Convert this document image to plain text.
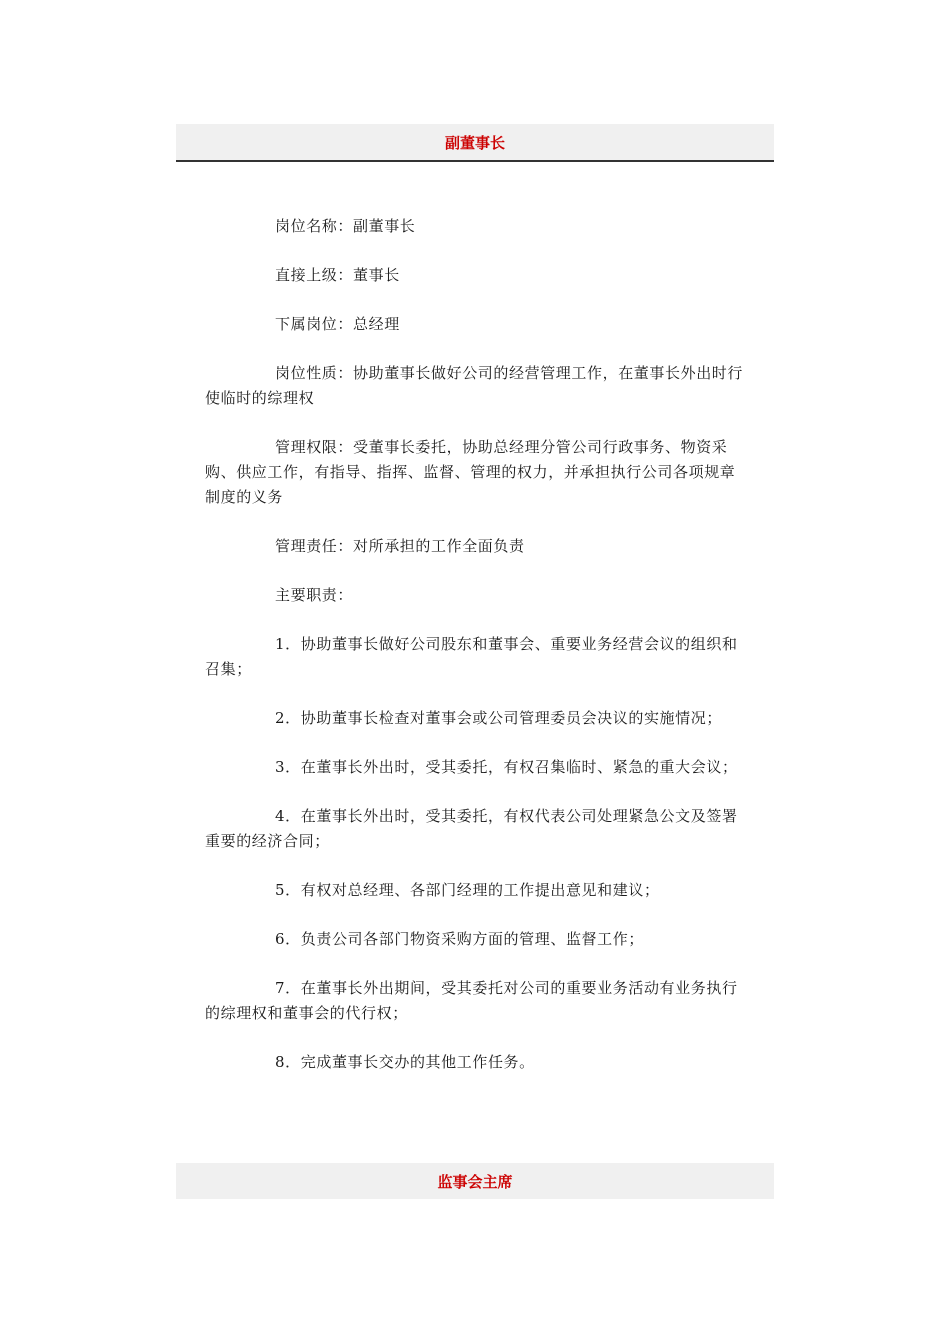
副董事长

岗位名称：副董事长

直接上级：董事长

下属岗位：总经理

岗位性质：协助董事长做好公司的经营管理工作，在董事长外出时行使临时的综理权

管理权限：受董事长委托，协助总经理分管公司行政事务、物资采购、供应工作，有指导、指挥、监督、管理的权力，并承担执行公司各项规章制度的义务

管理责任：对所承担的工作全面负责

主要职责：

1．协助董事长做好公司股东和董事会、重要业务经营会议的组织和召集；

2．协助董事长检查对董事会或公司管理委员会决议的实施情况；

3．在董事长外出时，受其委托，有权召集临时、紧急的重大会议；

4．在董事长外出时，受其委托，有权代表公司处理紧急公文及签署重要的经济合同；

5．有权对总经理、各部门经理的工作提出意见和建议；

6．负责公司各部门物资采购方面的管理、监督工作；

7．在董事长外出期间，受其委托对公司的重要业务活动有业务执行的综理权和董事会的代行权；

8．完成董事长交办的其他工作任务。

监事会主席
